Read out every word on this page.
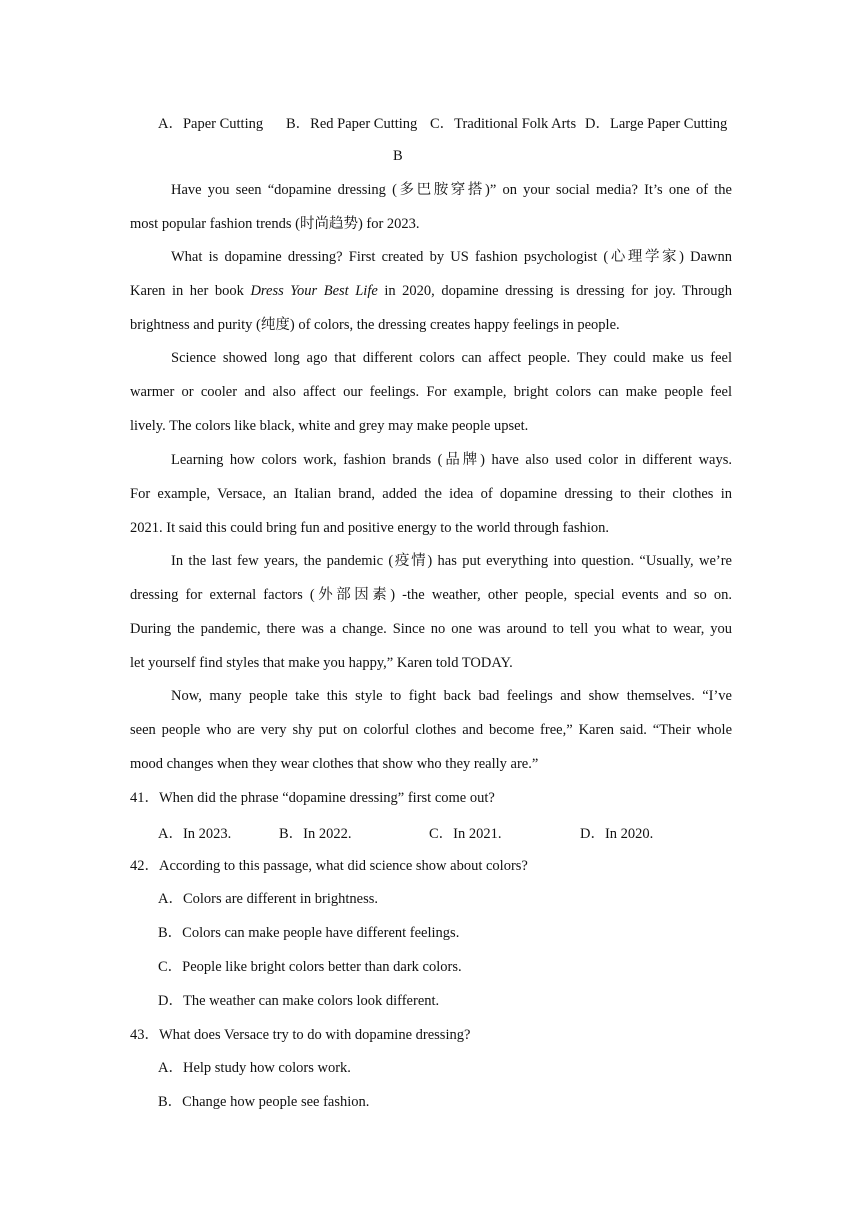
A．Paper Cutting B．Red Paper Cutting C．Traditional Folk Arts D．Large Paper Cutting
B
Have you seen “dopamine dressing (多巴胺穿搭)” on your social media? It’s one of the
most popular fashion trends (时尚趋势) for 2023.
What is dopamine dressing? First created by US fashion psychologist (心理学家) Dawnn
Karen in her book Dress Your Best Life in 2020, dopamine dressing is dressing for joy. Through
brightness and purity (纯度) of colors, the dressing creates happy feelings in people.
Science showed long ago that different colors can affect people. They could make us feel
warmer or cooler and also affect our feelings. For example, bright colors can make people feel
lively. The colors like black, white and grey may make people upset.
Learning how colors work, fashion brands (品牌) have also used color in different ways.
For example, Versace, an Italian brand, added the idea of dopamine dressing to their clothes in
2021. It said this could bring fun and positive energy to the world through fashion.
In the last few years, the pandemic (疫情) has put everything into question. “Usually, we’re
dressing for external factors (外部因素) -the weather, other people, special events and so on.
During the pandemic, there was a change. Since no one was around to tell you what to wear, you
let yourself find styles that make you happy,” Karen told TODAY.
Now, many people take this style to fight back bad feelings and show themselves. “I’ve
seen people who are very shy put on colorful clothes and become free,” Karen said. “Their whole
mood changes when they wear clothes that show who they really are.”
41．When did the phrase “dopamine dressing” first come out?
A．In 2023.	B．In 2022.	C．In 2021.	D．In 2020.
42．According to this passage, what did science show about colors?
A．Colors are different in brightness.
B．Colors can make people have different feelings.
C．People like bright colors better than dark colors.
D．The weather can make colors look different.
43．What does Versace try to do with dopamine dressing?
A．Help study how colors work.
B．Change how people see fashion.
